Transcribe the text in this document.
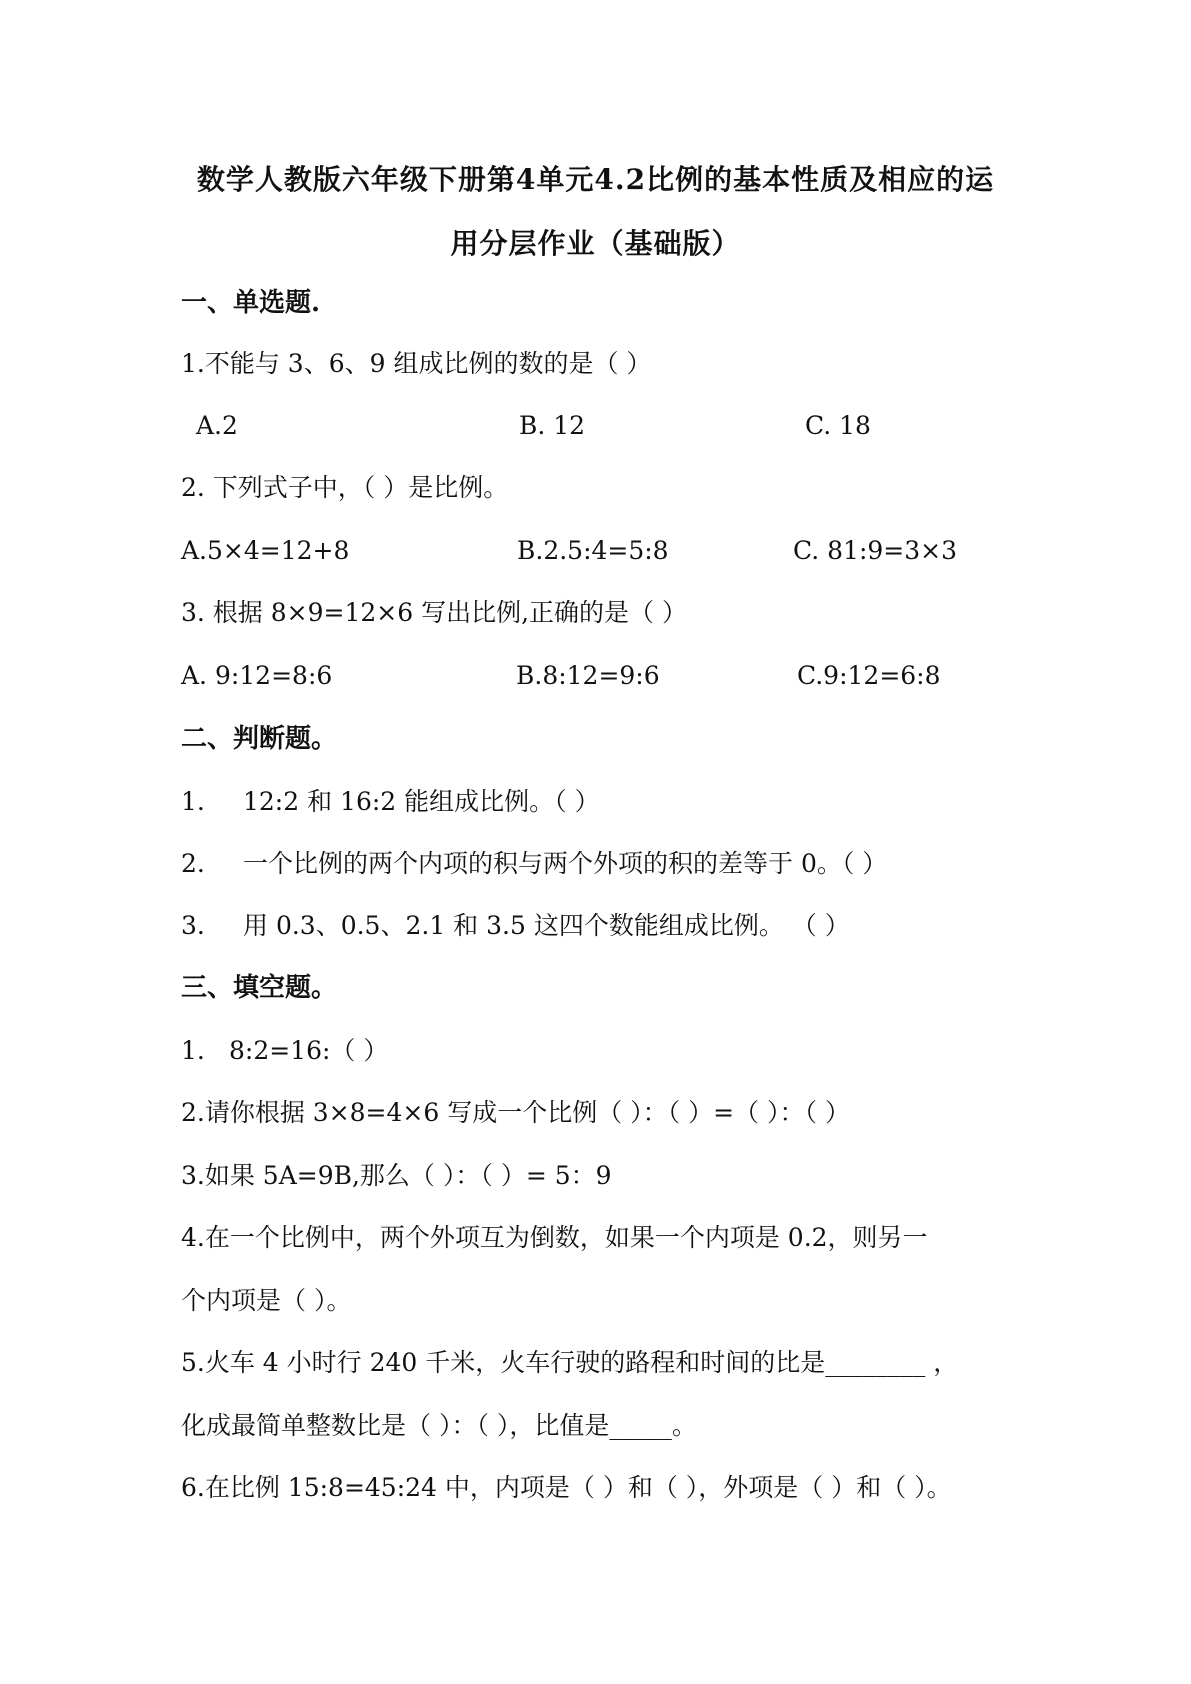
数学人教版六年级下册第4单元4.2比例的基本性质及相应的运
用分层作业（基础版）
一、单选题.
1.不能与 3、6、9 组成比例的数的是（ ）
A.2	B. 12	C. 18
2. 下列式子中，（ ）是比例。
A.5×4=12+8	B.2.5:4=5:8	C. 81:9=3×3
3. 根据 8×9=12×6 写出比例,正确的是（ ）
A. 9:12=8:6	B.8:12=9:6	C.9:12=6:8
二、判断题。
1. 12:2 和 16:2 能组成比例。（ ）
2. 一个比例的两个内项的积与两个外项的积的差等于 0。（ ）
3. 用 0.3、0.5、2.1 和 3.5 这四个数能组成比例。 （ ）
三、填空题。
1. 8:2=16:（ ）
2.请你根据 3×8=4×6 写成一个比例（ ）：（ ）=（ ）：（ ）
3.如果 5A=9B,那么（ ）：（ ）= 5：9
4.在一个比例中，两个外项互为倒数，如果一个内项是 0.2，则另一
个内项是（ ）。
5.火车 4 小时行 240 千米，火车行驶的路程和时间的比是________ ，
化成最简单整数比是（ ）：（ ），比值是_____。
6.在比例 15:8=45:24 中，内项是（ ）和（ ），外项是（ ）和（ ）。
